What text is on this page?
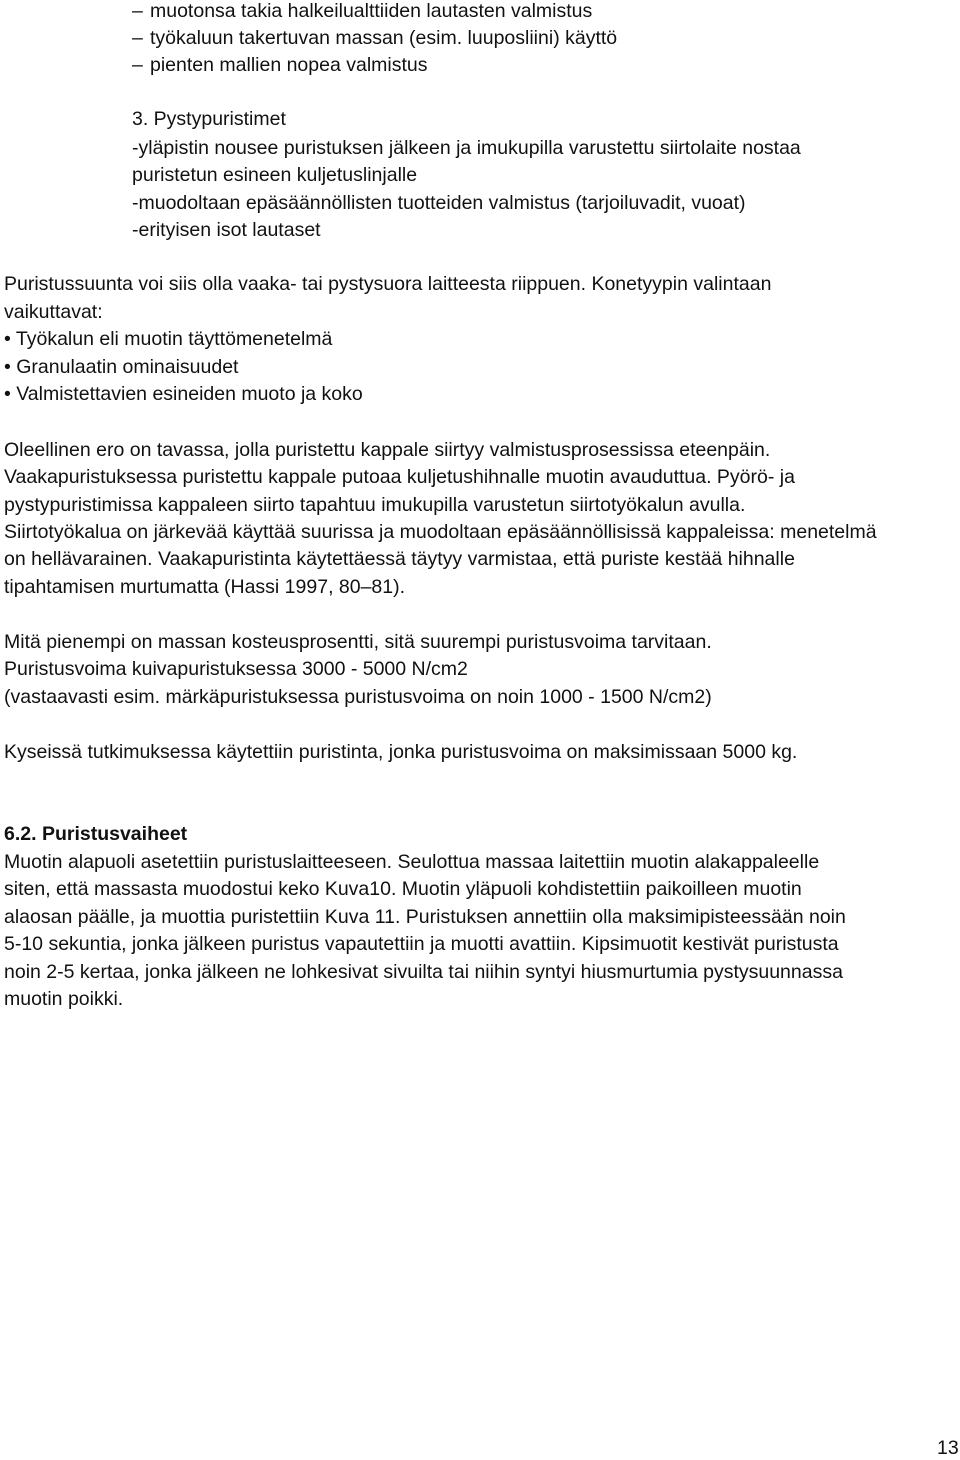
– muotonsa takia halkeilualttiiden lautasten valmistus
– työkaluun takertuvan massan (esim. luuposliini) käyttö
– pienten mallien nopea valmistus
3. Pystypuristimet
-yläpistin nousee puristuksen jälkeen ja imukupilla varustettu siirtolaite nostaa
puristetun esineen kuljetuslinjalle
-muodoltaan epäsäännöllisten tuotteiden valmistus (tarjoiluvadit, vuoat)
-erityisen isot lautaset
Puristussuunta voi siis olla vaaka- tai pystysuora laitteesta riippuen. Konetyypin valintaan
vaikuttavat:
• Työkalun eli muotin täyttömenetelmä
• Granulaatin ominaisuudet
• Valmistettavien esineiden muoto ja koko
Oleellinen ero on tavassa, jolla puristettu kappale siirtyy valmistusprosessissa eteenpäin.
Vaakapuristuksessa puristettu kappale putoaa kuljetushihnalle muotin avauduttua. Pyörö- ja
pystypuristimissa kappaleen siirto tapahtuu imukupilla varustetun siirtotyökalun avulla.
Siirtotyökalua on järkevää käyttää suurissa ja muodoltaan epäsäännöllisissä kappaleissa: menetelmä
on hellävarainen. Vaakapuristinta käytettäessä täytyy varmistaa, että puriste kestää hihnalle
tipahtamisen murtumatta (Hassi 1997, 80–81).
Mitä pienempi on massan kosteusprosentti, sitä suurempi puristusvoima tarvitaan.
Puristusvoima kuivapuristuksessa 3000 - 5000 N/cm2
(vastaavasti esim. märkäpuristuksessa puristusvoima on noin 1000 - 1500 N/cm2)
Kyseissä tutkimuksessa käytettiin puristinta, jonka puristusvoima on maksimissaan 5000 kg.
6.2. Puristusvaiheet
Muotin alapuoli asetettiin puristuslaitteeseen. Seulottua massaa laitettiin muotin alakappaleelle
siten, että massasta muodostui keko Kuva10. Muotin yläpuoli kohdistettiin paikoilleen muotin
alaosan päälle, ja muottia puristettiin Kuva 11. Puristuksen annettiin olla maksimipisteessään noin
5-10 sekuntia, jonka jälkeen puristus vapautettiin ja muotti avattiin. Kipsimuotit kestivät puristusta
noin 2-5 kertaa, jonka jälkeen ne lohkesivat sivuilta tai niihin syntyi hiusmurtumia pystysuunnassa
muotin poikki.
13
